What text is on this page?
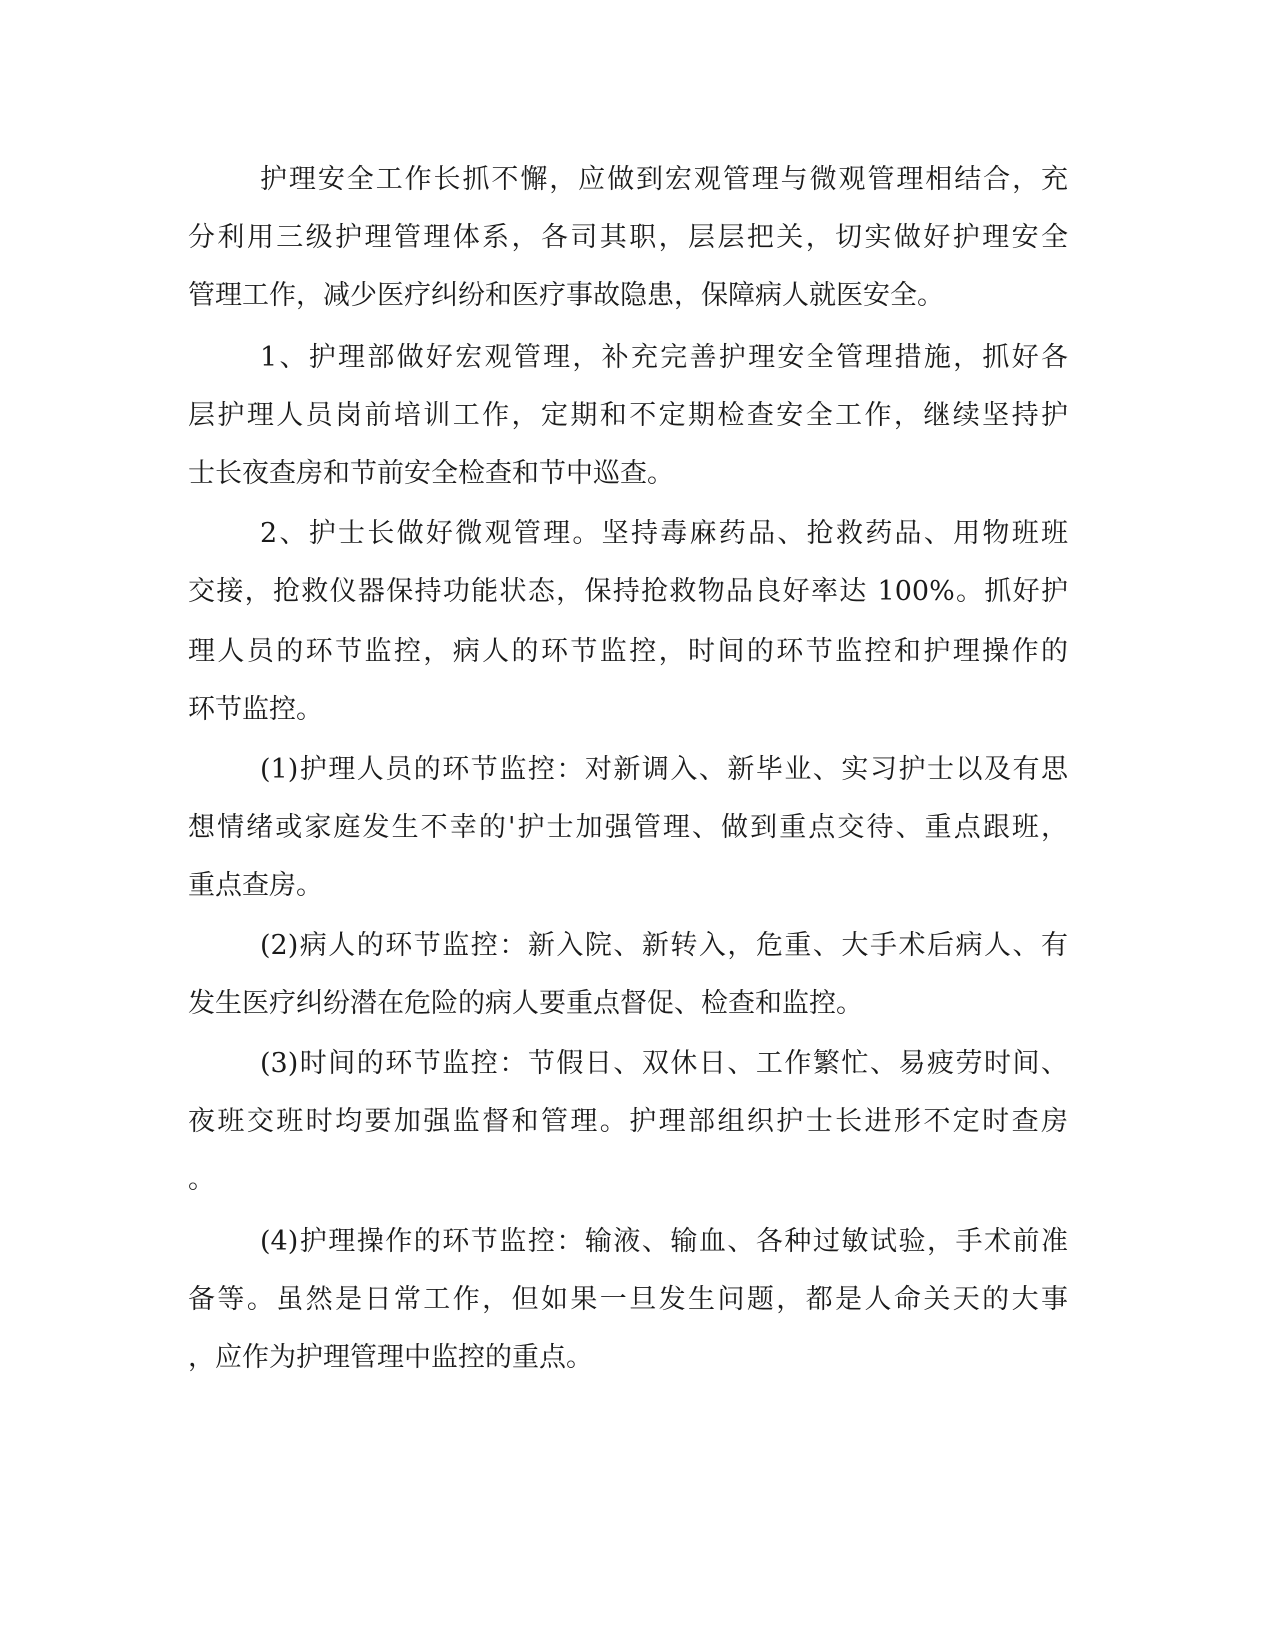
护理安全工作长抓不懈，应做到宏观管理与微观管理相结合，充
分利用三级护理管理体系，各司其职，层层把关，切实做好护理安全
管理工作，减少医疗纠纷和医疗事故隐患，保障病人就医安全。
1、护理部做好宏观管理，补充完善护理安全管理措施，抓好各
层护理人员岗前培训工作，定期和不定期检查安全工作，继续坚持护
士长夜查房和节前安全检查和节中巡查。
2、护士长做好微观管理。坚持毒麻药品、抢救药品、用物班班
交接，抢救仪器保持功能状态，保持抢救物品良好率达 100%。抓好护
理人员的环节监控，病人的环节监控，时间的环节监控和护理操作的
环节监控。
(1)护理人员的环节监控：对新调入、新毕业、实习护士以及有思
想情绪或家庭发生不幸的'护士加强管理、做到重点交待、重点跟班，
重点查房。
(2)病人的环节监控：新入院、新转入，危重、大手术后病人、有
发生医疗纠纷潜在危险的病人要重点督促、检查和监控。
(3)时间的环节监控：节假日、双休日、工作繁忙、易疲劳时间、
夜班交班时均要加强监督和管理。护理部组织护士长进形不定时查房
。
(4)护理操作的环节监控：输液、输血、各种过敏试验，手术前准
备等。虽然是日常工作，但如果一旦发生问题，都是人命关天的大事
，应作为护理管理中监控的重点。
